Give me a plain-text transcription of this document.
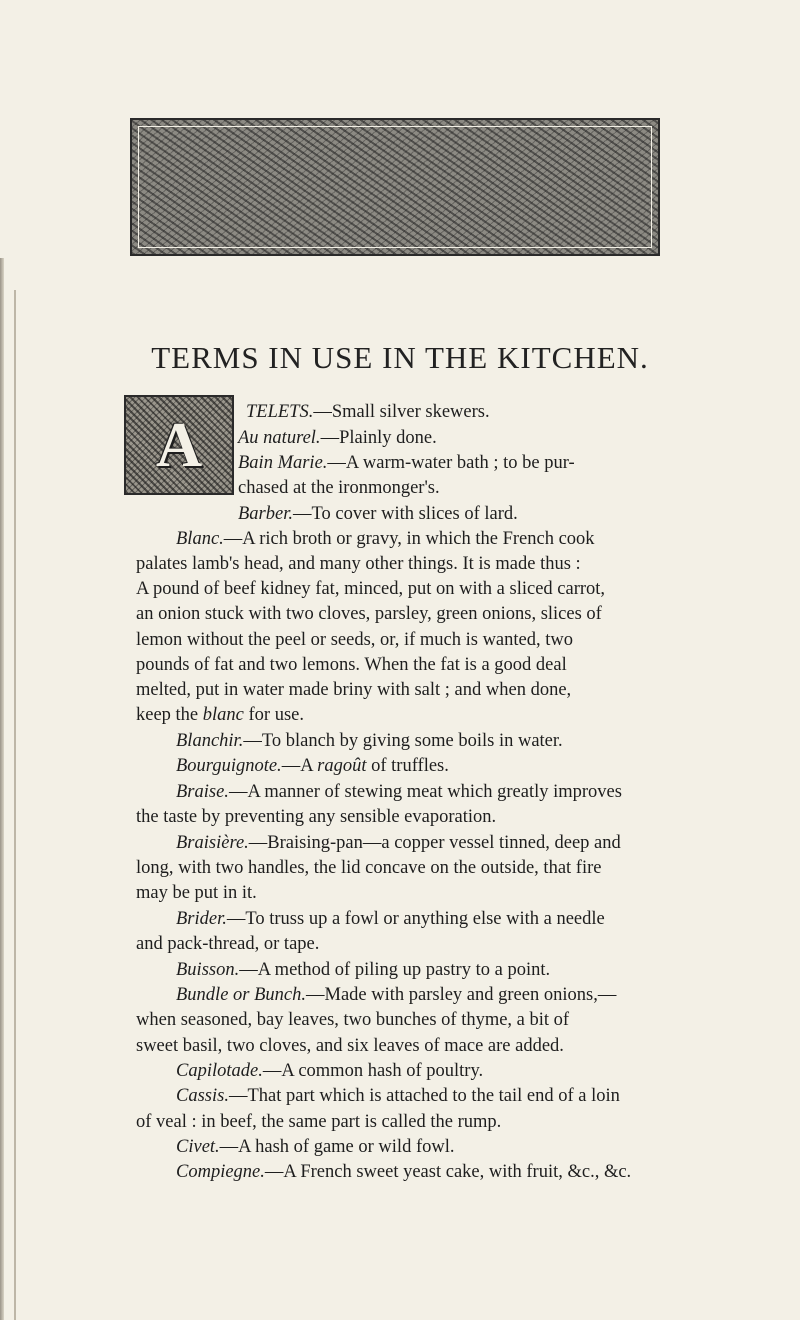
TERMS IN USE IN THE KITCHEN.
A TELETS.—Small silver skewers.
Au naturel.—Plainly done.
Bain Marie.—A warm-water bath ; to be pur-
chased at the ironmonger's.
Barber.—To cover with slices of lard.
Blanc.—A rich broth or gravy, in which the French cook
palates lamb's head, and many other things. It is made thus :
A pound of beef kidney fat, minced, put on with a sliced carrot,
an onion stuck with two cloves, parsley, green onions, slices of
lemon without the peel or seeds, or, if much is wanted, two
pounds of fat and two lemons. When the fat is a good deal
melted, put in water made briny with salt ; and when done,
keep the blanc for use.
Blanchir.—To blanch by giving some boils in water.
Bourguignote.—A ragoût of truffles.
Braise.—A manner of stewing meat which greatly improves
the taste by preventing any sensible evaporation.
Braisière.—Braising-pan—a copper vessel tinned, deep and
long, with two handles, the lid concave on the outside, that fire
may be put in it.
Brider.—To truss up a fowl or anything else with a needle
and pack-thread, or tape.
Buisson.—A method of piling up pastry to a point.
Bundle or Bunch.—Made with parsley and green onions,—
when seasoned, bay leaves, two bunches of thyme, a bit of
sweet basil, two cloves, and six leaves of mace are added.
Capilotade.—A common hash of poultry.
Cassis.—That part which is attached to the tail end of a loin
of veal : in beef, the same part is called the rump.
Civet.—A hash of game or wild fowl.
Compiegne.—A French sweet yeast cake, with fruit, &c., &c.
